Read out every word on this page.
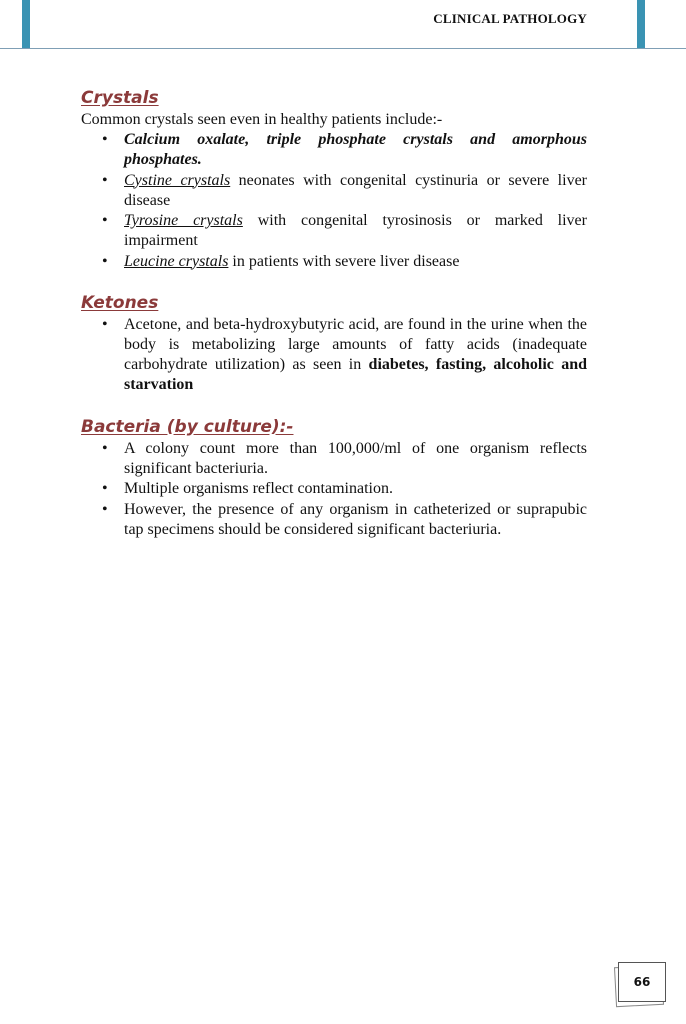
CLINICAL PATHOLOGY
Crystals

Common crystals seen even in healthy patients include:-

• Calcium oxalate, triple phosphate crystals and amorphous phosphates.
• Cystine crystals neonates with congenital cystinuria or severe liver disease
• Tyrosine crystals with congenital tyrosinosis or marked liver impairment
• Leucine crystals in patients with severe liver disease
Ketones
• Acetone, and beta-hydroxybutyric acid, are found in the urine when the body is metabolizing large amounts of fatty acids (inadequate carbohydrate utilization) as seen in diabetes, fasting, alcoholic and starvation
Bacteria (by culture):-
• A colony count more than 100,000/ml of one organism reflects significant bacteriuria.
• Multiple organisms reflect contamination.
• However, the presence of any organism in catheterized or suprapubic tap specimens should be considered significant bacteriuria.
66
